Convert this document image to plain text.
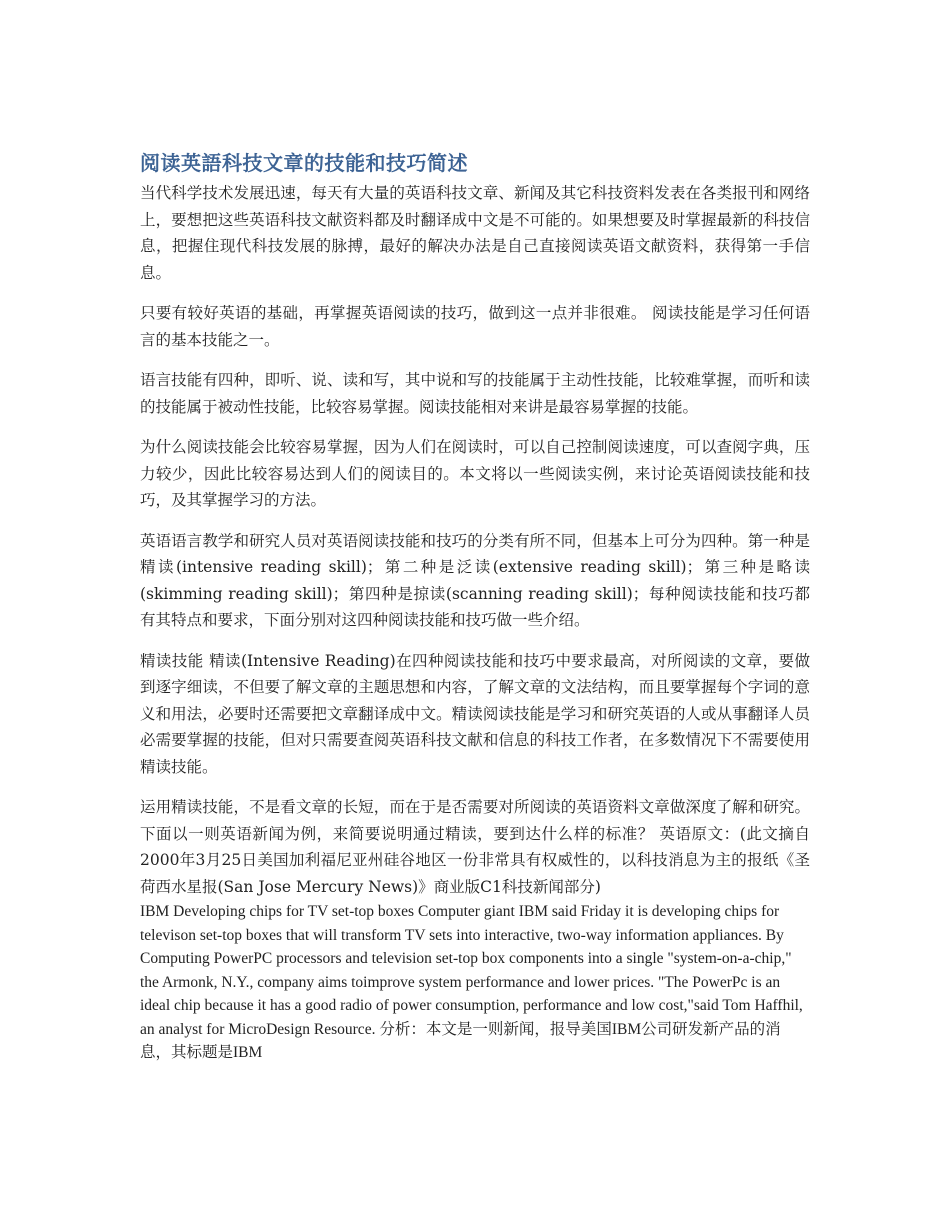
阅读英語科技文章的技能和技巧简述

当代科学技术发展迅速，每天有大量的英语科技文章、新闻及其它科技资料发表在各类报刊和网络上，要想把这些英语科技文献资料都及时翻译成中文是不可能的。如果想要及时掌握最新的科技信息，把握住现代科技发展的脉搏，最好的解决办法是自己直接阅读英语文献资料，获得第一手信息。

只要有较好英语的基础，再掌握英语阅读的技巧，做到这一点并非很难。 阅读技能是学习任何语言的基本技能之一。

语言技能有四种，即听、说、读和写，其中说和写的技能属于主动性技能，比较难掌握，而听和读的技能属于被动性技能，比较容易掌握。阅读技能相对来讲是最容易掌握的技能。

为什么阅读技能会比较容易掌握，因为人们在阅读时，可以自己控制阅读速度，可以查阅字典，压力较少，因此比较容易达到人们的阅读目的。本文将以一些阅读实例，来讨论英语阅读技能和技巧，及其掌握学习的方法。

英语语言教学和研究人员对英语阅读技能和技巧的分类有所不同，但基本上可分为四种。第一种是精读(intensive reading skill)；第二种是泛读(extensive reading skill)；第三种是略读(skimming reading skill)；第四种是掠读(scanning reading skill)；每种阅读技能和技巧都有其特点和要求，下面分别对这四种阅读技能和技巧做一些介绍。

精读技能 精读(Intensive Reading)在四种阅读技能和技巧中要求最高，对所阅读的文章，要做到逐字细读，不但要了解文章的主题思想和内容，了解文章的文法结构，而且要掌握每个字词的意义和用法，必要时还需要把文章翻译成中文。精读阅读技能是学习和研究英语的人或从事翻译人员必需要掌握的技能，但对只需要查阅英语科技文献和信息的科技工作者，在多数情况下不需要使用精读技能。

运用精读技能，不是看文章的长短，而在于是否需要对所阅读的英语资料文章做深度了解和研究。 下面以一则英语新闻为例，来简要说明通过精读，要到达什么样的标准？ 英语原文：(此文摘自2000年3月25日美国加利福尼亚州硅谷地区一份非常具有权威性的，以科技消息为主的报纸《圣荷西水星报(San Jose Mercury News)》商业版C1科技新闻部分)

IBM Developing chips for TV set-top boxes Computer giant IBM said Friday it is developing chips for televison set-top boxes that will transform TV sets into interactive, two-way information appliances. By Computing PowerPC processors and television set-top box components into a single "system-on-a-chip," the Armonk, N.Y., company aims toimprove system performance and lower prices. "The PowerPc is an ideal chip because it has a good radio of power consumption, performance and low cost,"said Tom Haffhil, an analyst for MicroDesign Resource. 分析：本文是一则新闻，报导美国IBM公司研发新产品的消息，其标题是IBM
